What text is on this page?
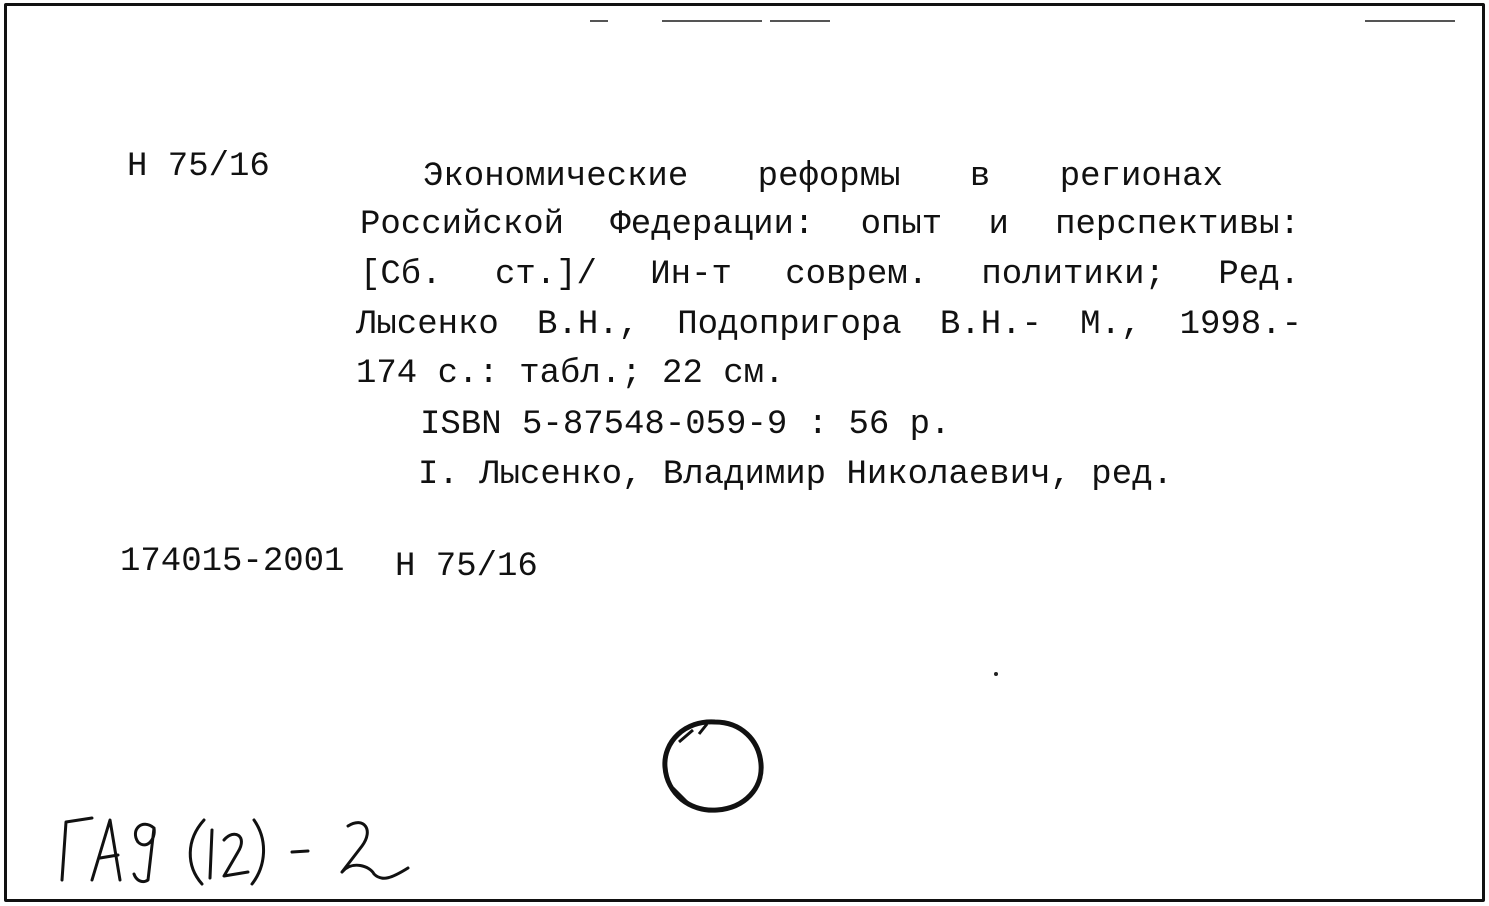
Н 75/16	Экономические реформы в регионах
Российской Федерации: опыт и перспективы:
[Сб. ст.]/ Ин-т соврем. политики; Ред.
Лысенко В.Н., Подопригора В.Н.- М., 1998.-
174 с.: табл.; 22 см.
ISBN 5-87548-059-9 : 56 р.
I. Лысенко, Владимир Николаевич, ред.
174015-2001 Н 75/16
